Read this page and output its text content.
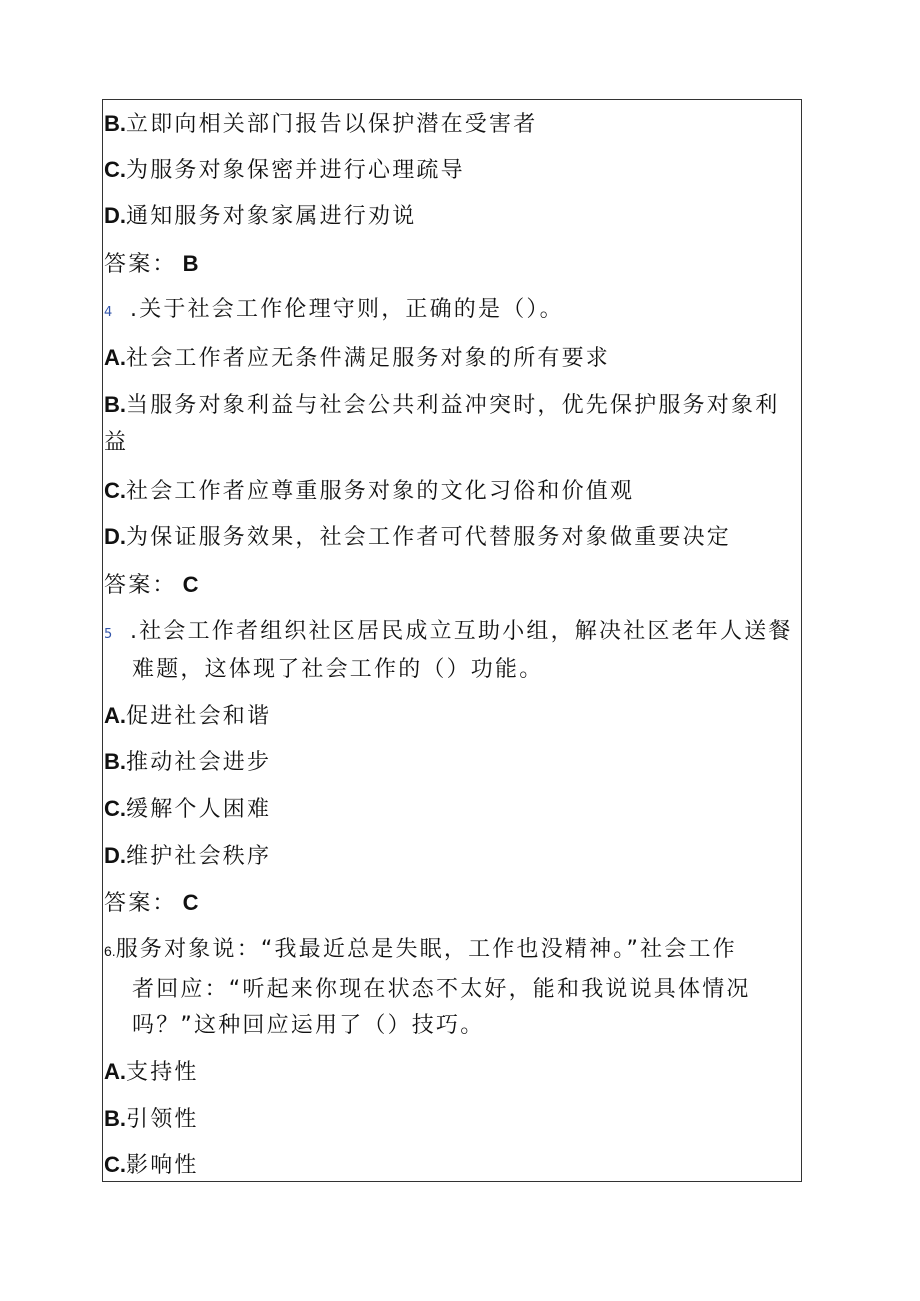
B.立即向相关部门报告以保护潜在受害者
C.为服务对象保密并进行心理疏导
D.通知服务对象家属进行劝说
答案： B
4 .关于社会工作伦理守则，正确的是（）。
A.社会工作者应无条件满足服务对象的所有要求
B.当服务对象利益与社会公共利益冲突时，优先保护服务对象利
益
C.社会工作者应尊重服务对象的文化习俗和价值观
D.为保证服务效果，社会工作者可代替服务对象做重要决定
答案： C
5 .社会工作者组织社区居民成立互助小组，解决社区老年人送餐
难题，这体现了社会工作的（）功能。
A.促进社会和谐
B.推动社会进步
C.缓解个人困难
D.维护社会秩序
答案： C
6.服务对象说：“我最近总是失眠，工作也没精神。”社会工作
者回应：“听起来你现在状态不太好，能和我说说具体情况
吗？”这种回应运用了（）技巧。
A.支持性
B.引领性
C.影响性
